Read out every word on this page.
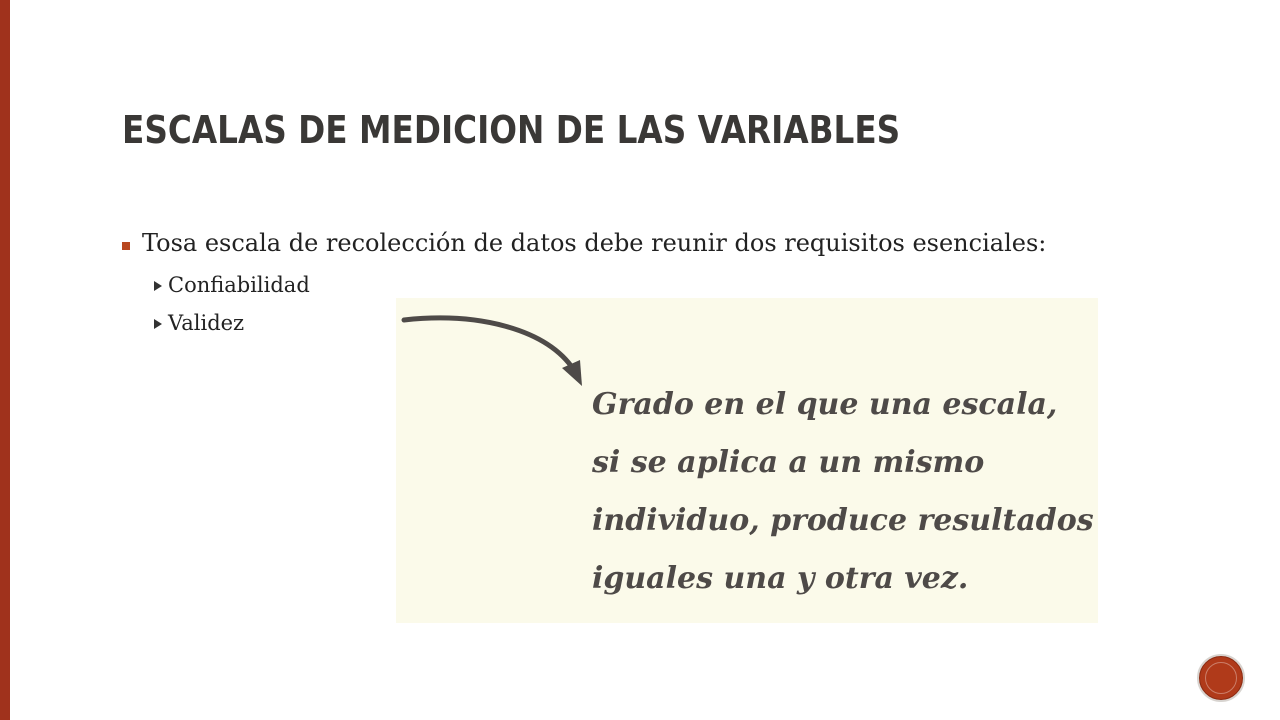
ESCALAS DE MEDICION DE LAS VARIABLES
Tosa escala de recolección de datos debe reunir dos requisitos esenciales:
Confiabilidad
Validez
Grado en el que una escala,
si se aplica a un mismo
individuo, produce resultados
iguales una y otra vez.
